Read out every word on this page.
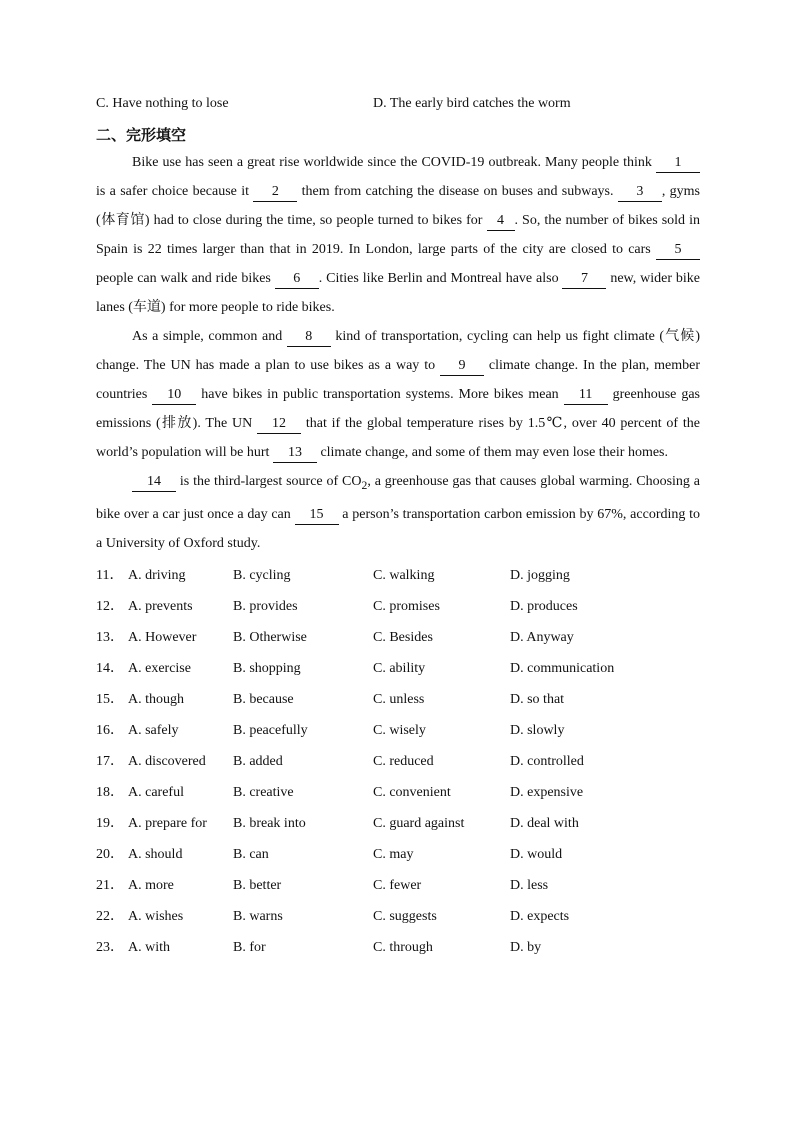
C. Have nothing to lose	D. The early bird catches the worm
二、完形填空

Bike use has seen a great rise worldwide since the COVID-19 outbreak. Many people think 1 is a safer choice because it 2 them from catching the disease on buses and subways. 3 , gyms (体育馆) had to close during the time, so people turned to bikes for 4 . So, the number of bikes sold in Spain is 22 times larger than that in 2019. In London, large parts of the city are closed to cars 5 people can walk and ride bikes 6 . Cities like Berlin and Montreal have also 7 new, wider bike lanes (车道) for more people to ride bikes.

As a simple, common and 8 kind of transportation, cycling can help us fight climate (气候) change. The UN has made a plan to use bikes as a way to 9 climate change. In the plan, member countries 10 have bikes in public transportation systems. More bikes mean 11 greenhouse gas emissions (排放). The UN 12 that if the global temperature rises by 1.5℃, over 40 percent of the world’s population will be hurt 13 climate change, and some of them may even lose their homes.

14 is the third-largest source of $CO_2$, a greenhouse gas that causes global warming. Choosing a bike over a car just once a day can 15 a person’s transportation carbon emission by 67%, according to a University of Oxford study.

11． A. driving	B. cycling	C. walking	D. jogging
12． A. prevents	B. provides	C. promises	D. produces
13． A. However	B. Otherwise	C. Besides	D. Anyway
14． A. exercise	B. shopping	C. ability	D. communication
15． A. though	B. because	C. unless	D. so that
16． A. safely	B. peacefully	C. wisely	D. slowly
17． A. discovered B. added	C. reduced	D. controlled
18． A. careful	B. creative	C. convenient	D. expensive
19． A. prepare for B. break into	C. guard against	D. deal with
20． A. should	B. can	C. may	D. would
21． A. more	B. better	C. fewer	D. less
22． A. wishes	B. warns	C. suggests	D. expects
23． A. with	B. for	C. through	D. by
